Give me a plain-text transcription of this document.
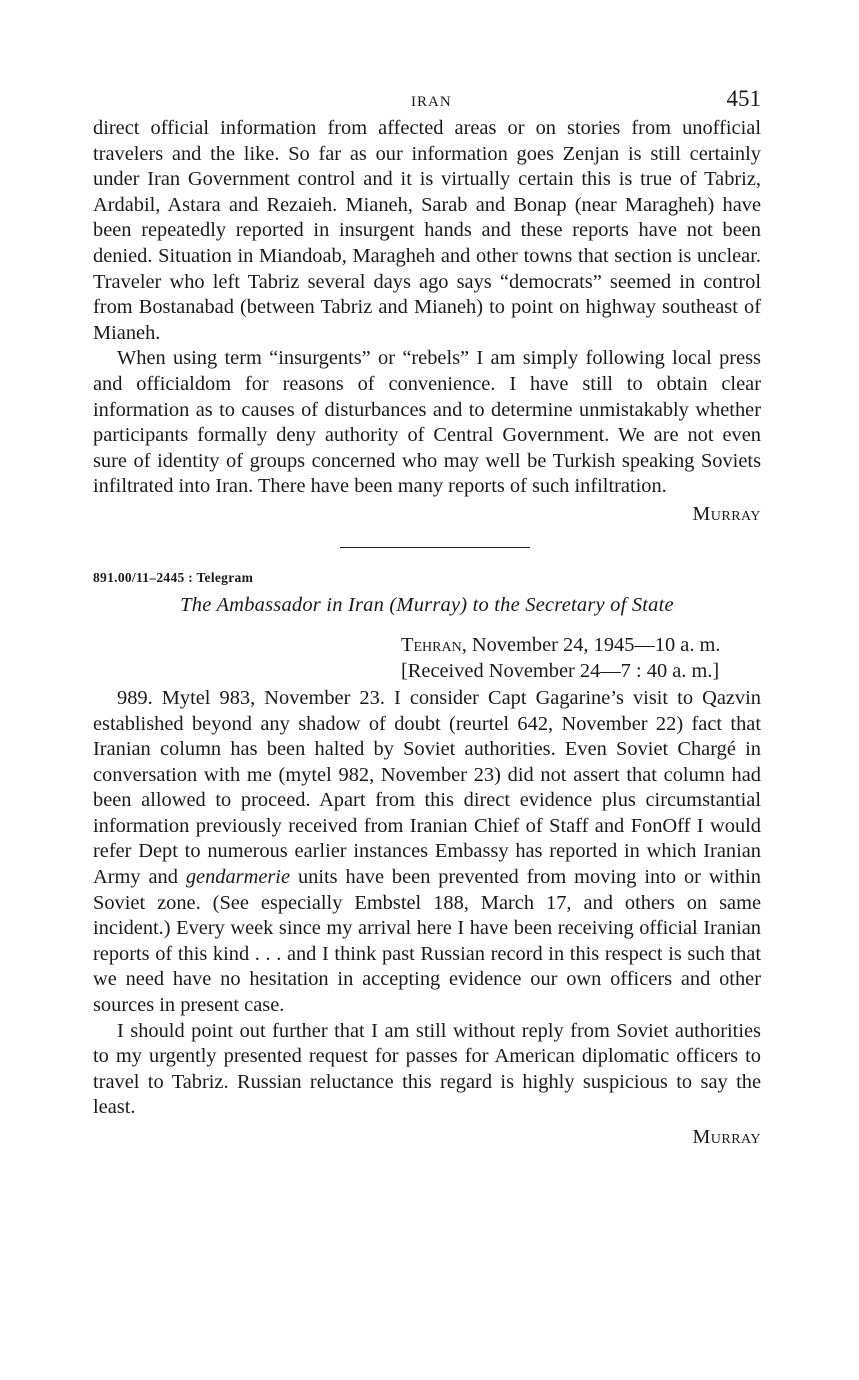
IRAN	451

direct official information from affected areas or on stories from unofficial travelers and the like. So far as our information goes Zenjan is still certainly under Iran Government control and it is virtually certain this is true of Tabriz, Ardabil, Astara and Rezaieh. Mianeh, Sarab and Bonap (near Maragheh) have been repeatedly reported in insurgent hands and these reports have not been denied. Situation in Miandoab, Maragheh and other towns that section is unclear. Traveler who left Tabriz several days ago says “democrats” seemed in control from Bostanabad (between Tabriz and Mianeh) to point on highway southeast of Mianeh.

When using term “insurgents” or “rebels” I am simply following local press and officialdom for reasons of convenience. I have still to obtain clear information as to causes of disturbances and to determine unmistakably whether participants formally deny authority of Central Government. We are not even sure of identity of groups concerned who may well be Turkish speaking Soviets infiltrated into Iran. There have been many reports of such infiltration.

Murray

891.00/11–2445 : Telegram

The Ambassador in Iran (Murray) to the Secretary of State

Tehran, November 24, 1945—10 a. m.
[Received November 24—7 : 40 a. m.]

989. Mytel 983, November 23. I consider Capt Gagarine’s visit to Qazvin established beyond any shadow of doubt (reurtel 642, November 22) fact that Iranian column has been halted by Soviet authorities. Even Soviet Chargé in conversation with me (mytel 982, November 23) did not assert that column had been allowed to proceed. Apart from this direct evidence plus circumstantial information previously received from Iranian Chief of Staff and FonOff I would refer Dept to numerous earlier instances Embassy has reported in which Iranian Army and gendarmerie units have been prevented from moving into or within Soviet zone. (See especially Embstel 188, March 17, and others on same incident.) Every week since my arrival here I have been receiving official Iranian reports of this kind . . . and I think past Russian record in this respect is such that we need have no hesitation in accepting evidence our own officers and other sources in present case.

I should point out further that I am still without reply from Soviet authorities to my urgently presented request for passes for American diplomatic officers to travel to Tabriz. Russian reluctance this regard is highly suspicious to say the least.

Murray
